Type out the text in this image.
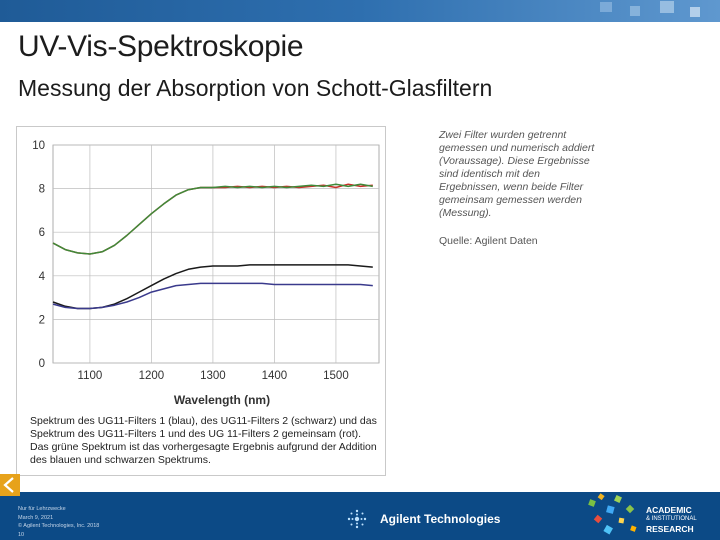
UV-Vis-Spektroskopie
Messung der Absorption von Schott-Glasfiltern
0
2
4
6
8
10
1100	1200	1300	1400	1500
Wavelength (nm)
Spektrum des UG11-Filters 1 (blau), des UG11-Filters 2 (schwarz) und das Spektrum des UG11-Filters 1 und des UG 11-Filters 2 gemeinsam (rot). Das grüne Spektrum ist das vorhergesagte Ergebnis aufgrund der Addition des blauen und schwarzen Spektrums.
Zwei Filter wurden getrennt gemessen und numerisch addiert (Voraussage). Diese Ergebnisse sind identisch mit den Ergebnissen, wenn beide Filter gemeinsam gemessen werden (Messung).
Quelle: Agilent Daten
Nur für Lehrzwecke
March 9, 2021
© Agilent Technologies, Inc. 2018
10
Agilent Technologies
ACADEMIC
& INSTITUTIONAL
RESEARCH
